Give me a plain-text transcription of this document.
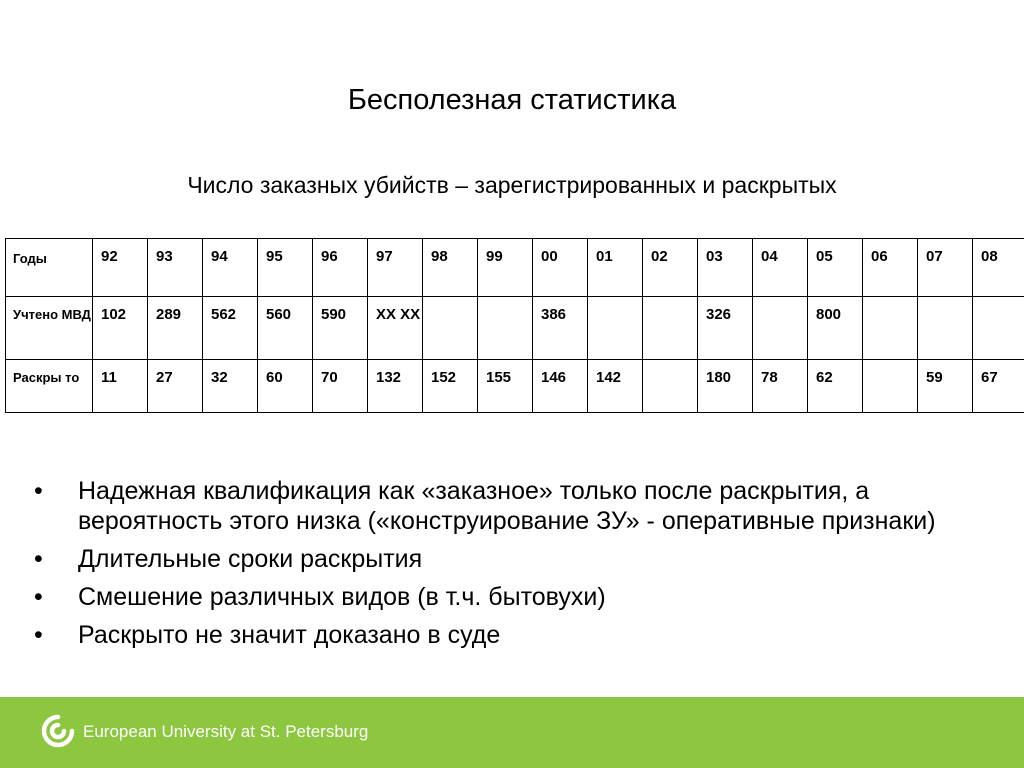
Бесполезная статистика
Число заказных убийств – зарегистрированных и раскрытых
Годы	92	93	94	95	96	97	98	99	00	01	02	03	04	05	06	07	08
Учтено МВД	102	289	562	560	590	ХХ ХХ			386			326		800			
Раскры то	11	27	32	60	70	132	152	155	146	142		180	78	62		59	67
• Надежная квалификация как «заказное» только после раскрытия, а вероятность этого низка («конструирование ЗУ» - оперативные признаки)
• Длительные сроки раскрытия
• Смешение различных видов (в т.ч. бытовухи)
• Раскрыто не значит доказано в суде
European University at St. Petersburg
